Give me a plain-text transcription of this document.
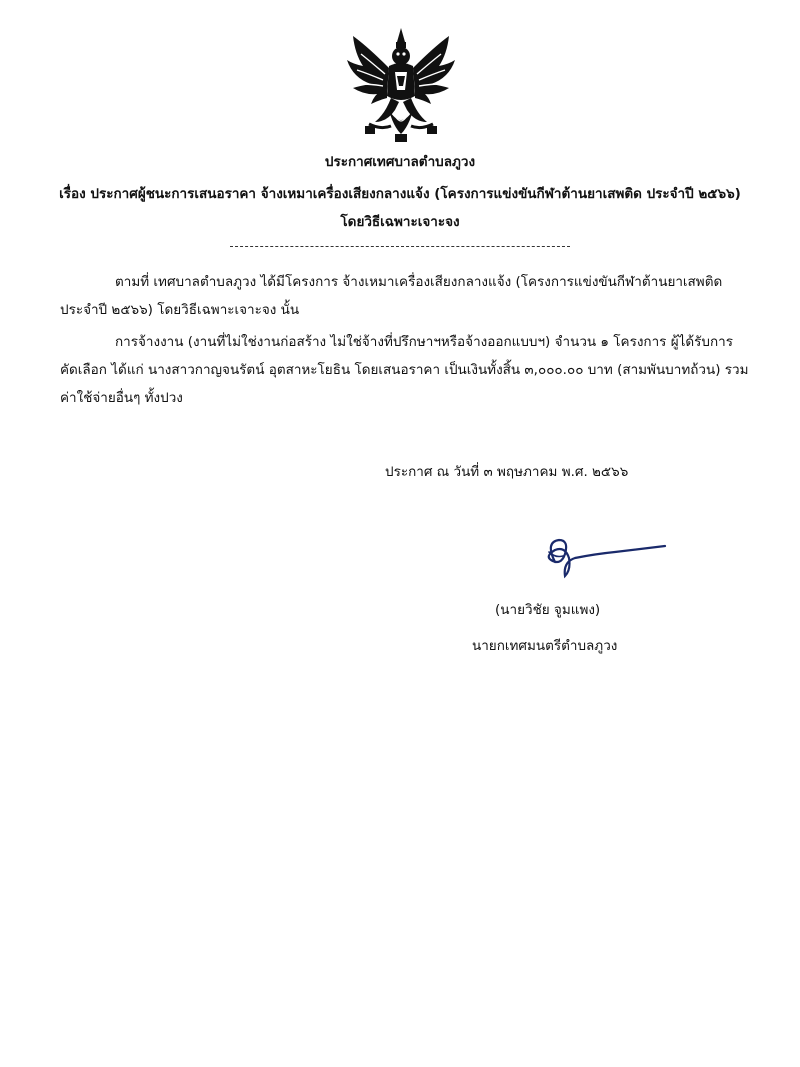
ประกาศเทศบาลตำบลภูวง
เรื่อง ประกาศผู้ชนะการเสนอราคา จ้างเหมาเครื่องเสียงกลางแจ้ง (โครงการแข่งขันกีฬาต้านยาเสพติด ประจำปี ๒๕๖๖) โดยวิธีเฉพาะเจาะจง
ตามที่ เทศบาลตำบลภูวง ได้มีโครงการ จ้างเหมาเครื่องเสียงกลางแจ้ง (โครงการแข่งขันกีฬาต้านยาเสพติด ประจำปี ๒๕๖๖) โดยวิธีเฉพาะเจาะจง นั้น
การจ้างงาน (งานที่ไม่ใช่งานก่อสร้าง ไม่ใช่จ้างที่ปรึกษาฯหรือจ้างออกแบบฯ) จำนวน ๑ โครงการ ผู้ได้รับการคัดเลือก ได้แก่ นางสาวกาญจนรัตน์ อุตสาหะโยธิน โดยเสนอราคา เป็นเงินทั้งสิ้น ๓,๐๐๐.๐๐ บาท (สามพันบาทถ้วน) รวมค่าใช้จ่ายอื่นๆ ทั้งปวง
ประกาศ ณ วันที่ ๓ พฤษภาคม พ.ศ. ๒๕๖๖
(นายวิชัย จูมแพง)
นายกเทศมนตรีตำบลภูวง
